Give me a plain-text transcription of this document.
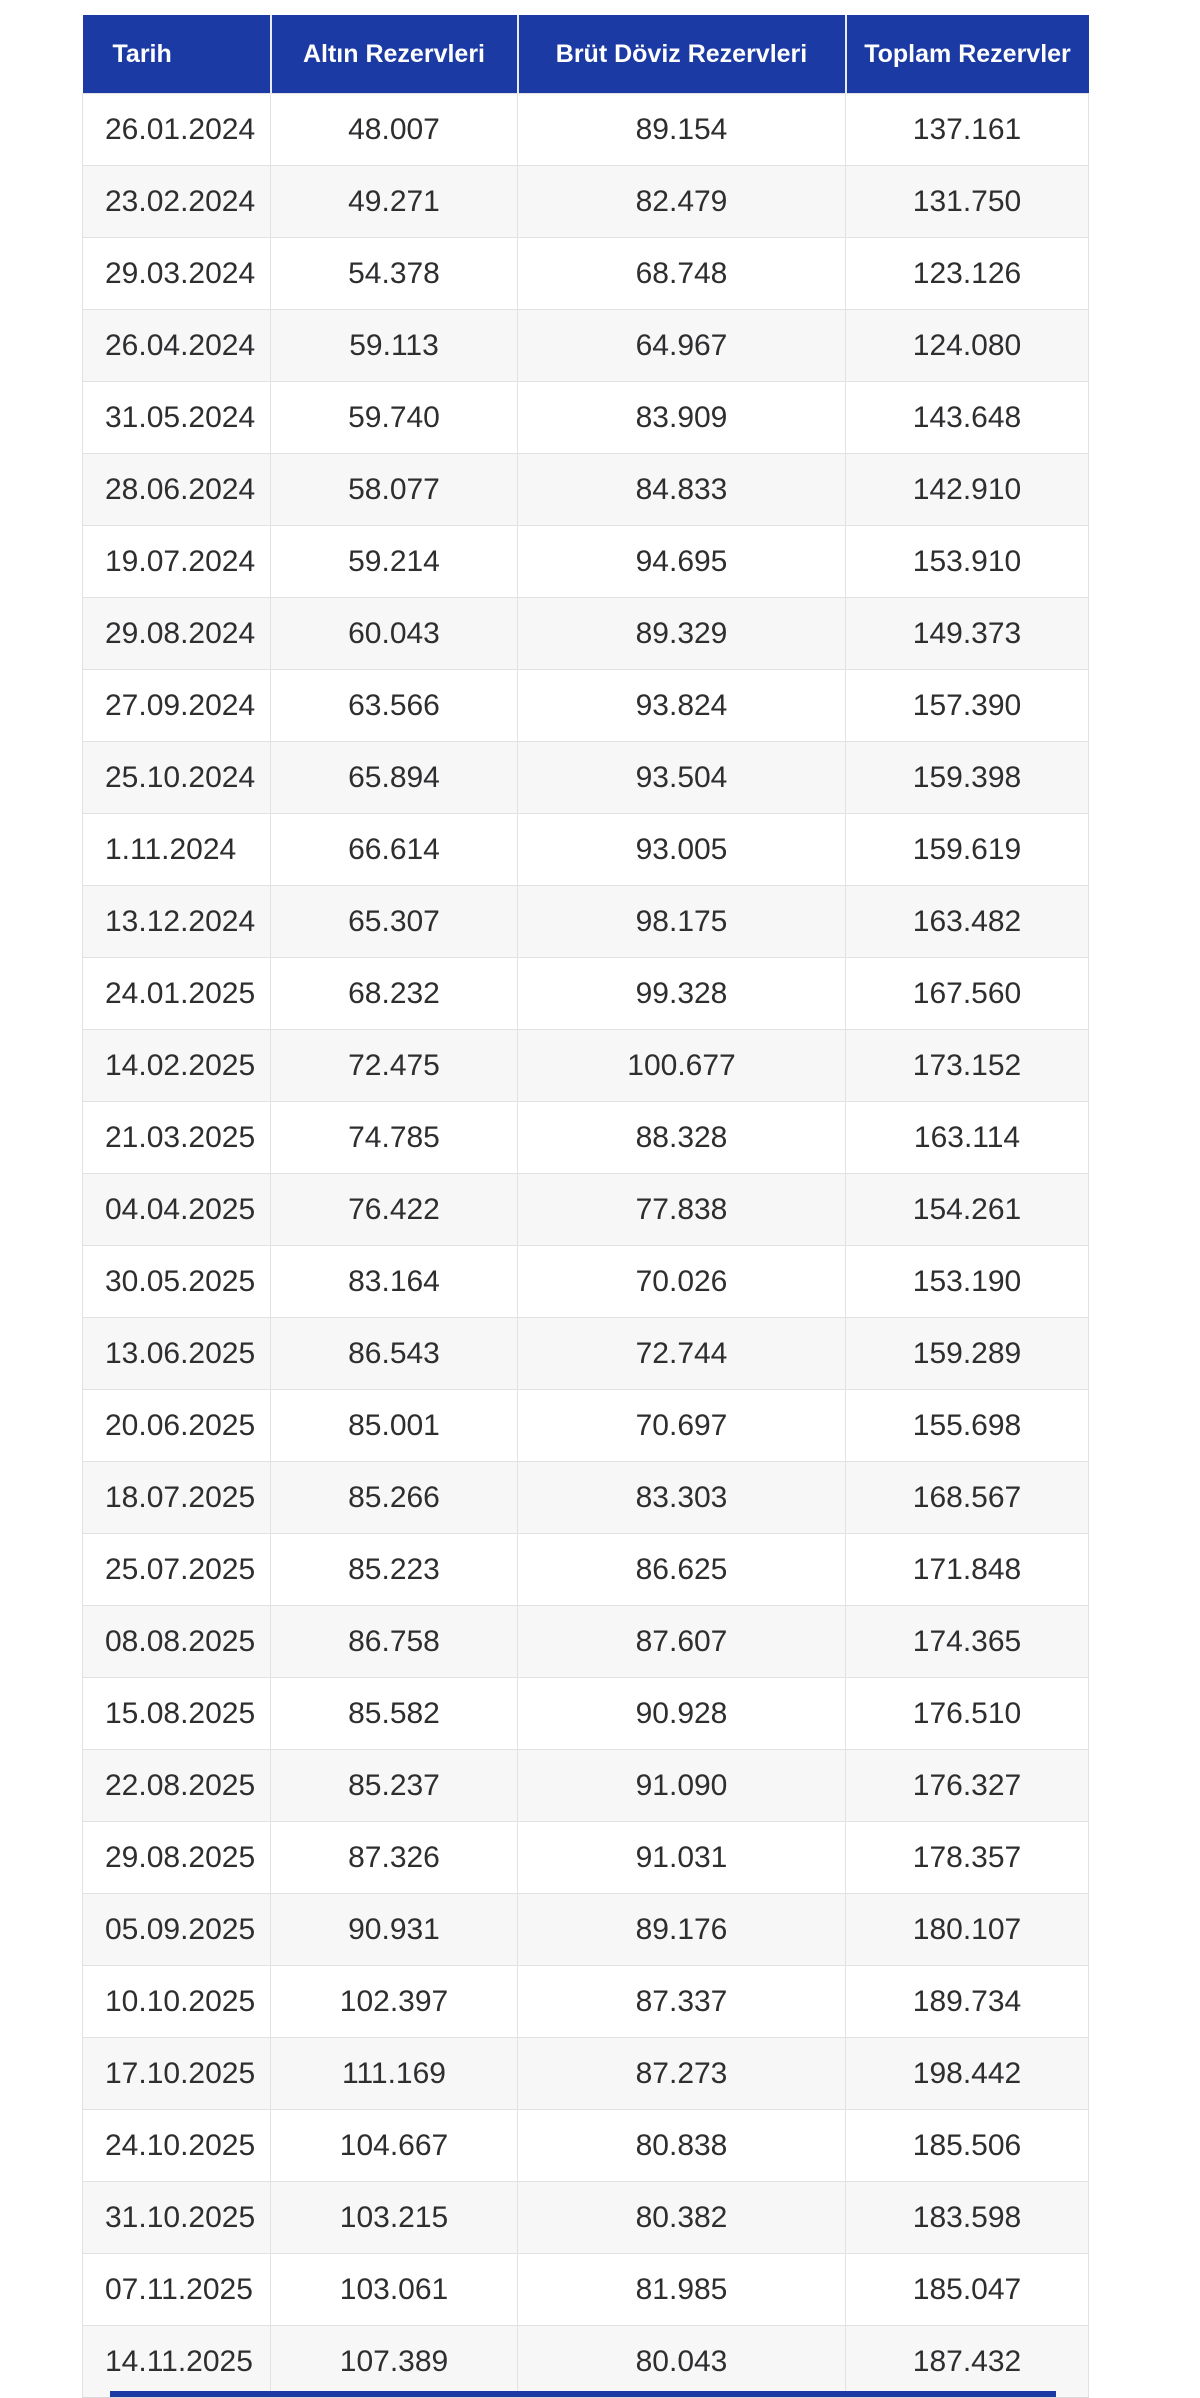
Tarih	Altın Rezervleri	Brüt Döviz Rezervleri	Toplam Rezervler
26.01.2024	48.007	89.154	137.161
23.02.2024	49.271	82.479	131.750
29.03.2024	54.378	68.748	123.126
26.04.2024	59.113	64.967	124.080
31.05.2024	59.740	83.909	143.648
28.06.2024	58.077	84.833	142.910
19.07.2024	59.214	94.695	153.910
29.08.2024	60.043	89.329	149.373
27.09.2024	63.566	93.824	157.390
25.10.2024	65.894	93.504	159.398
1.11.2024	66.614	93.005	159.619
13.12.2024	65.307	98.175	163.482
24.01.2025	68.232	99.328	167.560
14.02.2025	72.475	100.677	173.152
21.03.2025	74.785	88.328	163.114
04.04.2025	76.422	77.838	154.261
30.05.2025	83.164	70.026	153.190
13.06.2025	86.543	72.744	159.289
20.06.2025	85.001	70.697	155.698
18.07.2025	85.266	83.303	168.567
25.07.2025	85.223	86.625	171.848
08.08.2025	86.758	87.607	174.365
15.08.2025	85.582	90.928	176.510
22.08.2025	85.237	91.090	176.327
29.08.2025	87.326	91.031	178.357
05.09.2025	90.931	89.176	180.107
10.10.2025	102.397	87.337	189.734
17.10.2025	111.169	87.273	198.442
24.10.2025	104.667	80.838	185.506
31.10.2025	103.215	80.382	183.598
07.11.2025	103.061	81.985	185.047
14.11.2025	107.389	80.043	187.432
